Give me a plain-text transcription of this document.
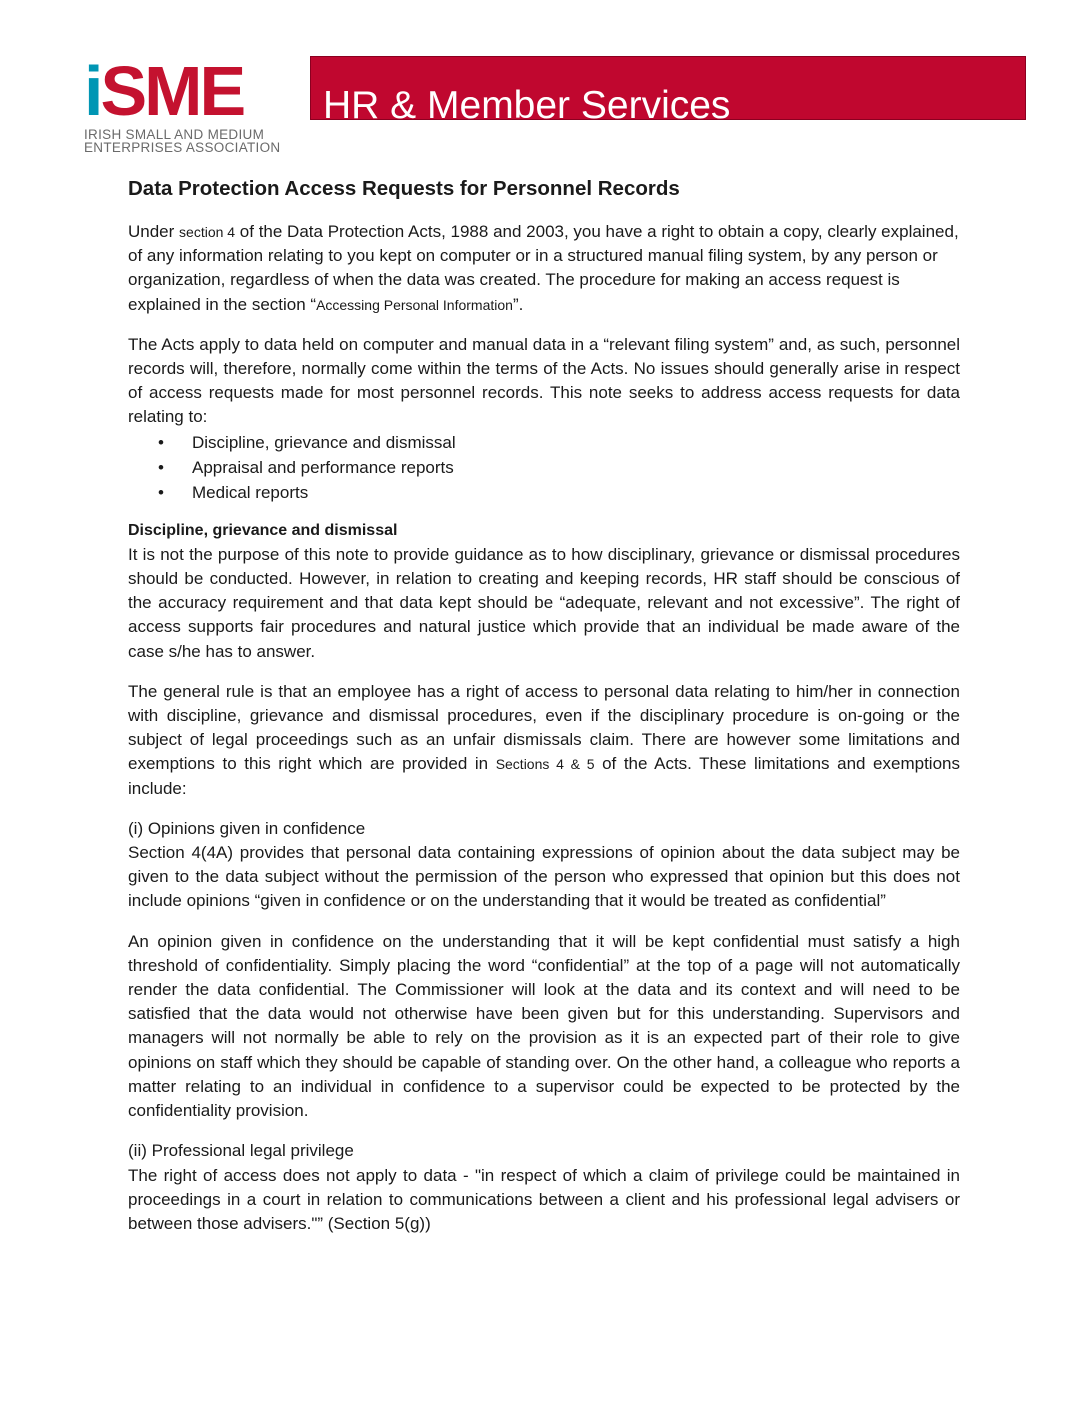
iSME
IRISH SMALL AND MEDIUM
ENTERPRISES ASSOCIATION
HR & Member Services
Data Protection Access Requests for Personnel Records

Under section 4 of the Data Protection Acts, 1988 and 2003, you have a right to obtain a copy, clearly explained, of any information relating to you kept on computer or in a structured manual filing system, by any person or organization, regardless of when the data was created. The procedure for making an access request is explained in the section “Accessing Personal Information”.

The Acts apply to data held on computer and manual data in a “relevant filing system” and, as such, personnel records will, therefore, normally come within the terms of the Acts. No issues should generally arise in respect of access requests made for most personnel records. This note seeks to address access requests for data relating to:

• Discipline, grievance and dismissal
• Appraisal and performance reports
• Medical reports
Discipline, grievance and dismissal

It is not the purpose of this note to provide guidance as to how disciplinary, grievance or dismissal procedures should be conducted. However, in relation to creating and keeping records, HR staff should be conscious of the accuracy requirement and that data kept should be “adequate, relevant and not excessive”. The right of access supports fair procedures and natural justice which provide that an individual be made aware of the case s/he has to answer.

The general rule is that an employee has a right of access to personal data relating to him/her in connection with discipline, grievance and dismissal procedures, even if the disciplinary procedure is on-going or the subject of legal proceedings such as an unfair dismissals claim. There are however some limitations and exemptions to this right which are provided in Sections 4 & 5 of the Acts. These limitations and exemptions include:

(i) Opinions given in confidence

Section 4(4A) provides that personal data containing expressions of opinion about the data subject may be given to the data subject without the permission of the person who expressed that opinion but this does not include opinions “given in confidence or on the understanding that it would be treated as confidential”

An opinion given in confidence on the understanding that it will be kept confidential must satisfy a high threshold of confidentiality. Simply placing the word “confidential” at the top of a page will not automatically render the data confidential. The Commissioner will look at the data and its context and will need to be satisfied that the data would not otherwise have been given but for this understanding. Supervisors and managers will not normally be able to rely on the provision as it is an expected part of their role to give opinions on staff which they should be capable of standing over. On the other hand, a colleague who reports a matter relating to an individual in confidence to a supervisor could be expected to be protected by the confidentiality provision.

(ii) Professional legal privilege

The right of access does not apply to data - "in respect of which a claim of privilege could be maintained in proceedings in a court in relation to communications between a client and his professional legal advisers or between those advisers."” (Section 5(g))
